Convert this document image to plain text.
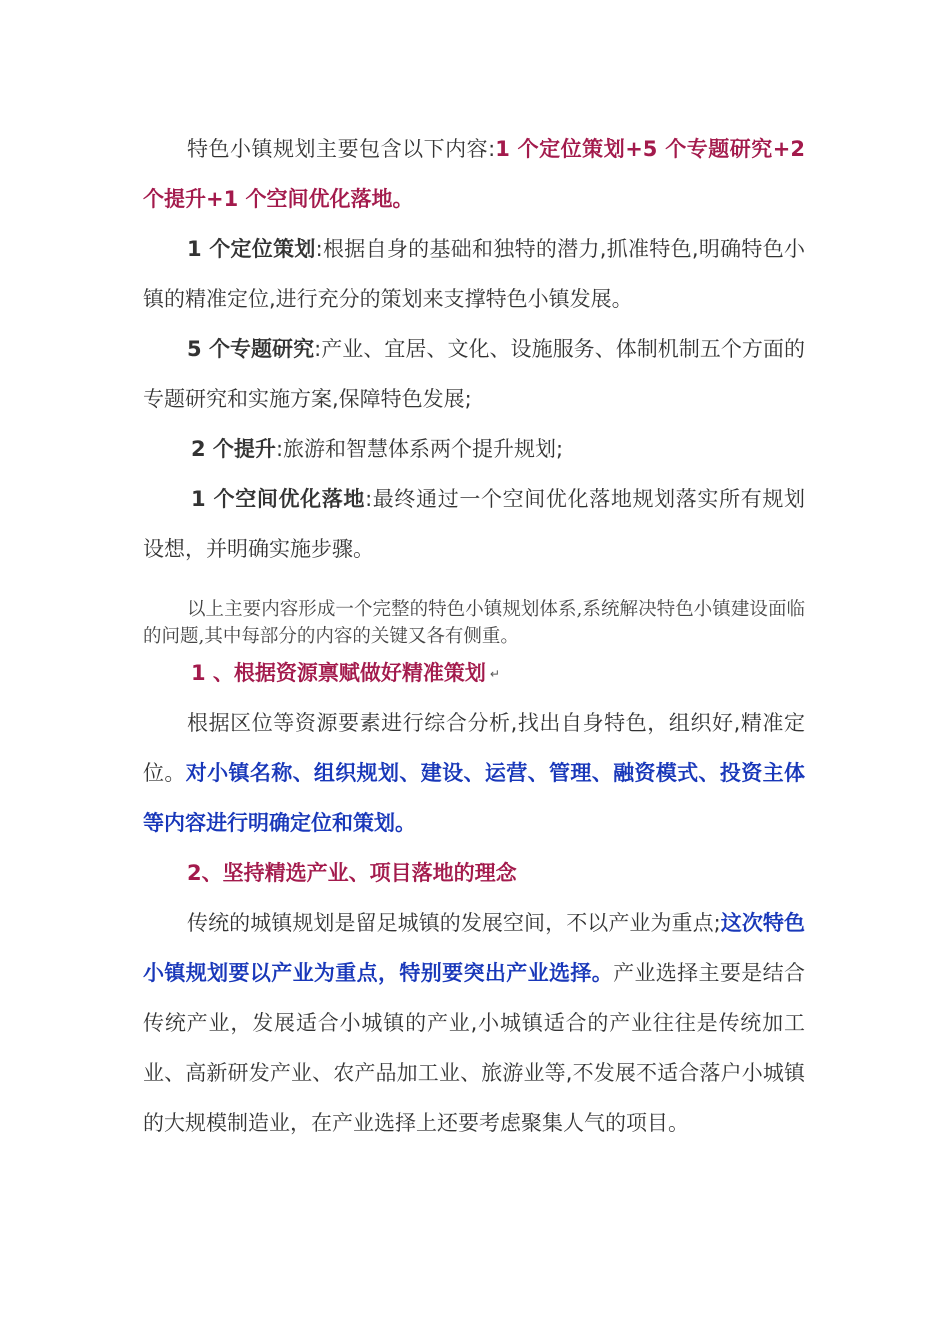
特色小镇规划主要包含以下内容:1 个定位策划+5 个专题研究+2 个提升+1 个空间优化落地。

1 个定位策划:根据自身的基础和独特的潜力,抓准特色,明确特色小镇的精准定位,进行充分的策划来支撑特色小镇发展。

5 个专题研究:产业、宜居、文化、设施服务、体制机制五个方面的专题研究和实施方案,保障特色发展;

2 个提升:旅游和智慧体系两个提升规划;

1 个空间优化落地:最终通过一个空间优化落地规划落实所有规划设想，并明确实施步骤。

以上主要内容形成一个完整的特色小镇规划体系,系统解决特色小镇建设面临的问题,其中每部分的内容的关键又各有侧重。

1 、根据资源禀赋做好精准策划 ↵

根据区位等资源要素进行综合分析,找出自身特色，组织好,精准定位。对小镇名称、组织规划、建设、运营、管理、融资模式、投资主体等内容进行明确定位和策划。

2、坚持精选产业、项目落地的理念

传统的城镇规划是留足城镇的发展空间，不以产业为重点;这次特色小镇规划要以产业为重点，特别要突出产业选择。产业选择主要是结合传统产业，发展适合小城镇的产业,小城镇适合的产业往往是传统加工业、高新研发产业、农产品加工业、旅游业等,不发展不适合落户小城镇的大规模制造业，在产业选择上还要考虑聚集人气的项目。
